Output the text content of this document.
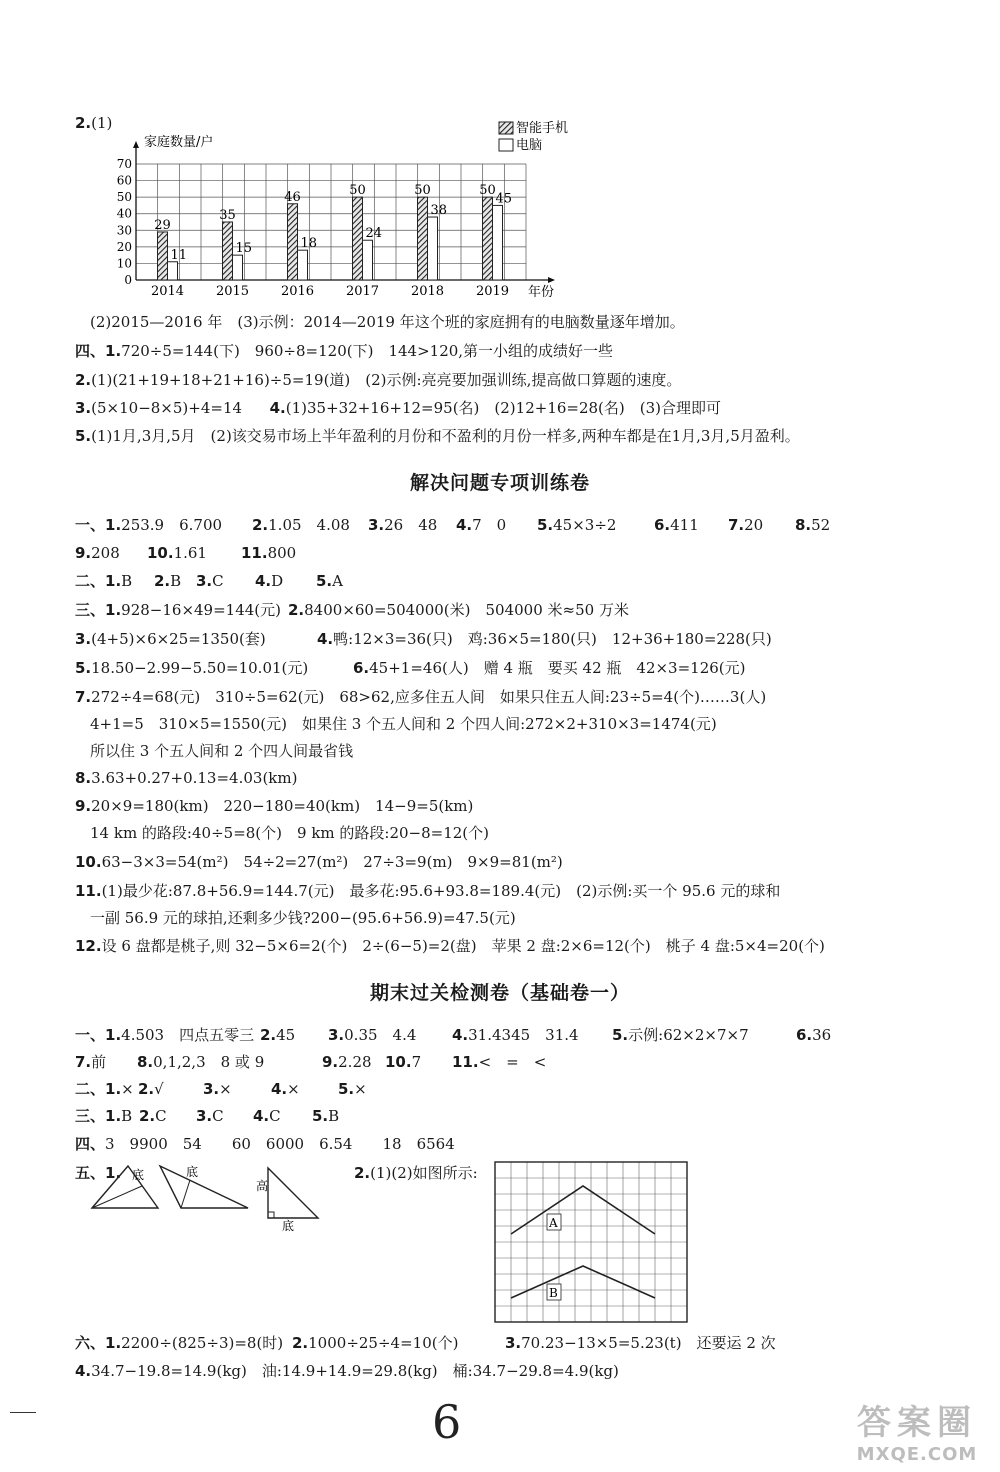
2.(1)
0
10
20
30
40
50
60
70
2014
29
11
2015
35
15
2016
46
18
2017
50
24
2018
50
38
2019
50
45
家庭数量/户
年份
智能手机
电脑
(2)2015—2016 年　(3)示例：2014—2019 年这个班的家庭拥有的电脑数量逐年增加。
四、1.720÷5=144(下)　960÷8=120(下)　144>120,第一小组的成绩好一些
2.(1)(21+19+18+21+16)÷5=19(道)　(2)示例:亮亮要加强训练,提高做口算题的速度。
3.(5×10−8×5)+4=14 4.(1)35+32+16+12=95(名)　(2)12+16=28(名)　(3)合理即可
5.(1)1月,3月,5月　(2)该交易市场上半年盈利的月份和不盈利的月份一样多,两种车都是在1月,3月,5月盈利。
解决问题专项训练卷
一、1.253.9　6.700 2.1.05　4.08 3.26　48 4.7　0 5.45×3÷2	6.411 7.20 8.52
9.208 10.1.61 11.800
二、1.B 2.B 3.C 4.D 5.A
三、1.928−16×49=144(元) 2.8400×60=504000(米)　504000 米≈50 万米
3.(4+5)×6×25=1350(套)	4.鸭:12×3=36(只)　鸡:36×5=180(只)　12+36+180=228(只)
5.18.50−2.99−5.50=10.01(元)	6.45+1=46(人)　赠 4 瓶　要买 42 瓶　42×3=126(元)
7.272÷4=68(元)　310÷5=62(元)　68>62,应多住五人间　如果只住五人间:23÷5=4(个)……3(人)
4+1=5　310×5=1550(元)　如果住 3 个五人间和 2 个四人间:272×2+310×3=1474(元)
所以住 3 个五人间和 2 个四人间最省钱
8.3.63+0.27+0.13=4.03(km)
9.20×9=180(km)　220−180=40(km)　14−9=5(km)
14 km 的路段:40÷5=8(个)　9 km 的路段:20−8=12(个)
10.63−3×3=54(m²)　54÷2=27(m²)　27÷3=9(m)　9×9=81(m²)
11.(1)最少花:87.8+56.9=144.7(元)　最多花:95.6+93.8=189.4(元)　(2)示例:买一个 95.6 元的球和
一副 56.9 元的球拍,还剩多少钱?200−(95.6+56.9)=47.5(元)
12.设 6 盘都是桃子,则 32−5×6=2(个)　2÷(6−5)=2(盘)　苹果 2 盘:2×6=12(个)　桃子 4 盘:5×4=20(个)
期末过关检测卷（基础卷一）
一、1.4.503　四点五零三 2.45 3.0.35　4.4 4.31.4345　31.4 5.示例:62×2×7×7	6.36
7.前 8.0,1,2,3　8 或 9	9.2.28 10.7 11.<　=　<
二、1.× 2.√	3.×	4.×	5.×
三、1.B 2.C 3.C 4.C 5.B
四、3　9900　54　　60　6000　6.54　　18　6564
五、1. 底	底
高
底
2.(1)(2)如图所示:
A
B
六、1.2200÷(825÷3)=8(时) 2.1000÷25÷4=10(个)	3.70.23−13×5=5.23(t)　还要运 2 次
4.34.7−19.8=14.9(kg)　油:14.9+14.9=29.8(kg)　桶:34.7−29.8=4.9(kg)
6	答案圈
MXQE.COM
